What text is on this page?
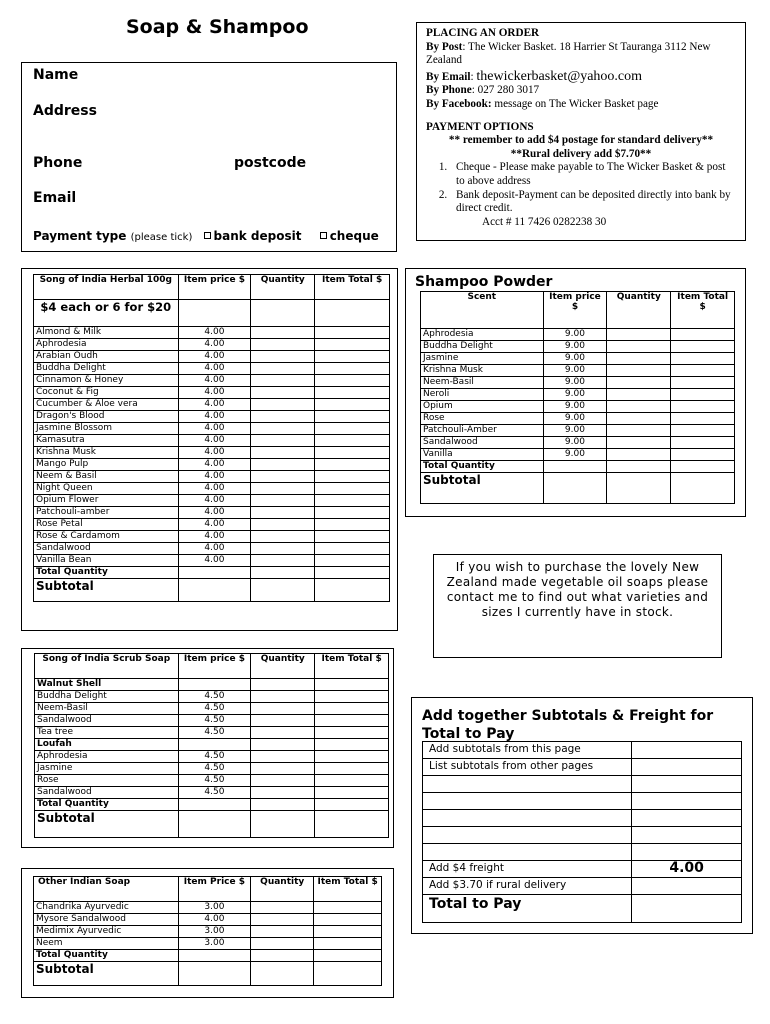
Soap & Shampoo
Name
Address
Phone	postcode
Email
Payment type (please tick) bank deposit cheque
PLACING AN ORDER
By Post: The Wicker Basket. 18 Harrier St Tauranga 3112 New Zealand
By Email: thewickerbasket@yahoo.com
By Phone: 027 280 3017
By Facebook: message on The Wicker Basket page
PAYMENT OPTIONS
** remember to add $4 postage for standard delivery**
**Rural delivery add $7.70**
1. Cheque - Please make payable to The Wicker Basket & post to above address
2. Bank deposit-Payment can be deposited directly into bank by direct credit.
Acct # 11 7426 0282238 30
Song of India Herbal 100g	Item price $	Quantity	Item Total $
$4 each or 6 for $20			
Almond & Milk	4.00		
Aphrodesia	4.00		
Arabian Oudh	4.00		
Buddha Delight	4.00		
Cinnamon & Honey	4.00		
Coconut & Fig	4.00		
Cucumber & Aloe vera	4.00		
Dragon's Blood	4.00		
Jasmine Blossom	4.00		
Kamasutra	4.00		
Krishna Musk	4.00		
Mango Pulp	4.00		
Neem & Basil	4.00		
Night Queen	4.00		
Opium Flower	4.00		
Patchouli-amber	4.00		
Rose Petal	4.00		
Rose & Cardamom	4.00		
Sandalwood	4.00		
Vanilla Bean	4.00		
Total Quantity			
Subtotal			
Shampoo Powder
Scent	Item price $	Quantity	Item Total $
Aphrodesia	9.00		
Buddha Delight	9.00		
Jasmine	9.00		
Krishna Musk	9.00		
Neem-Basil	9.00		
Neroli	9.00		
Opium	9.00		
Rose	9.00		
Patchouli-Amber	9.00		
Sandalwood	9.00		
Vanilla	9.00		
Total Quantity			
Subtotal			
If you wish to purchase the lovely New Zealand made vegetable oil soaps please contact me to find out what varieties and sizes I currently have in stock.
Song of India Scrub Soap	Item price $	Quantity	Item Total $
Walnut Shell			
Buddha Delight	4.50		
Neem-Basil	4.50		
Sandalwood	4.50		
Tea tree	4.50		
Loufah			
Aphrodesia	4.50		
Jasmine	4.50		
Rose	4.50		
Sandalwood	4.50		
Total Quantity			
Subtotal			
Other Indian Soap	Item Price $	Quantity	Item Total $
Chandrika Ayurvedic	3.00		
Mysore Sandalwood	4.00		
Medimix Ayurvedic	3.00		
Neem	3.00		
Total Quantity			
Subtotal			
Add together Subtotals & Freight for Total to Pay
Add subtotals from this page	
List subtotals from other pages	

Add $4 freight	4.00
Add $3.70 if rural delivery	
Total to Pay	
